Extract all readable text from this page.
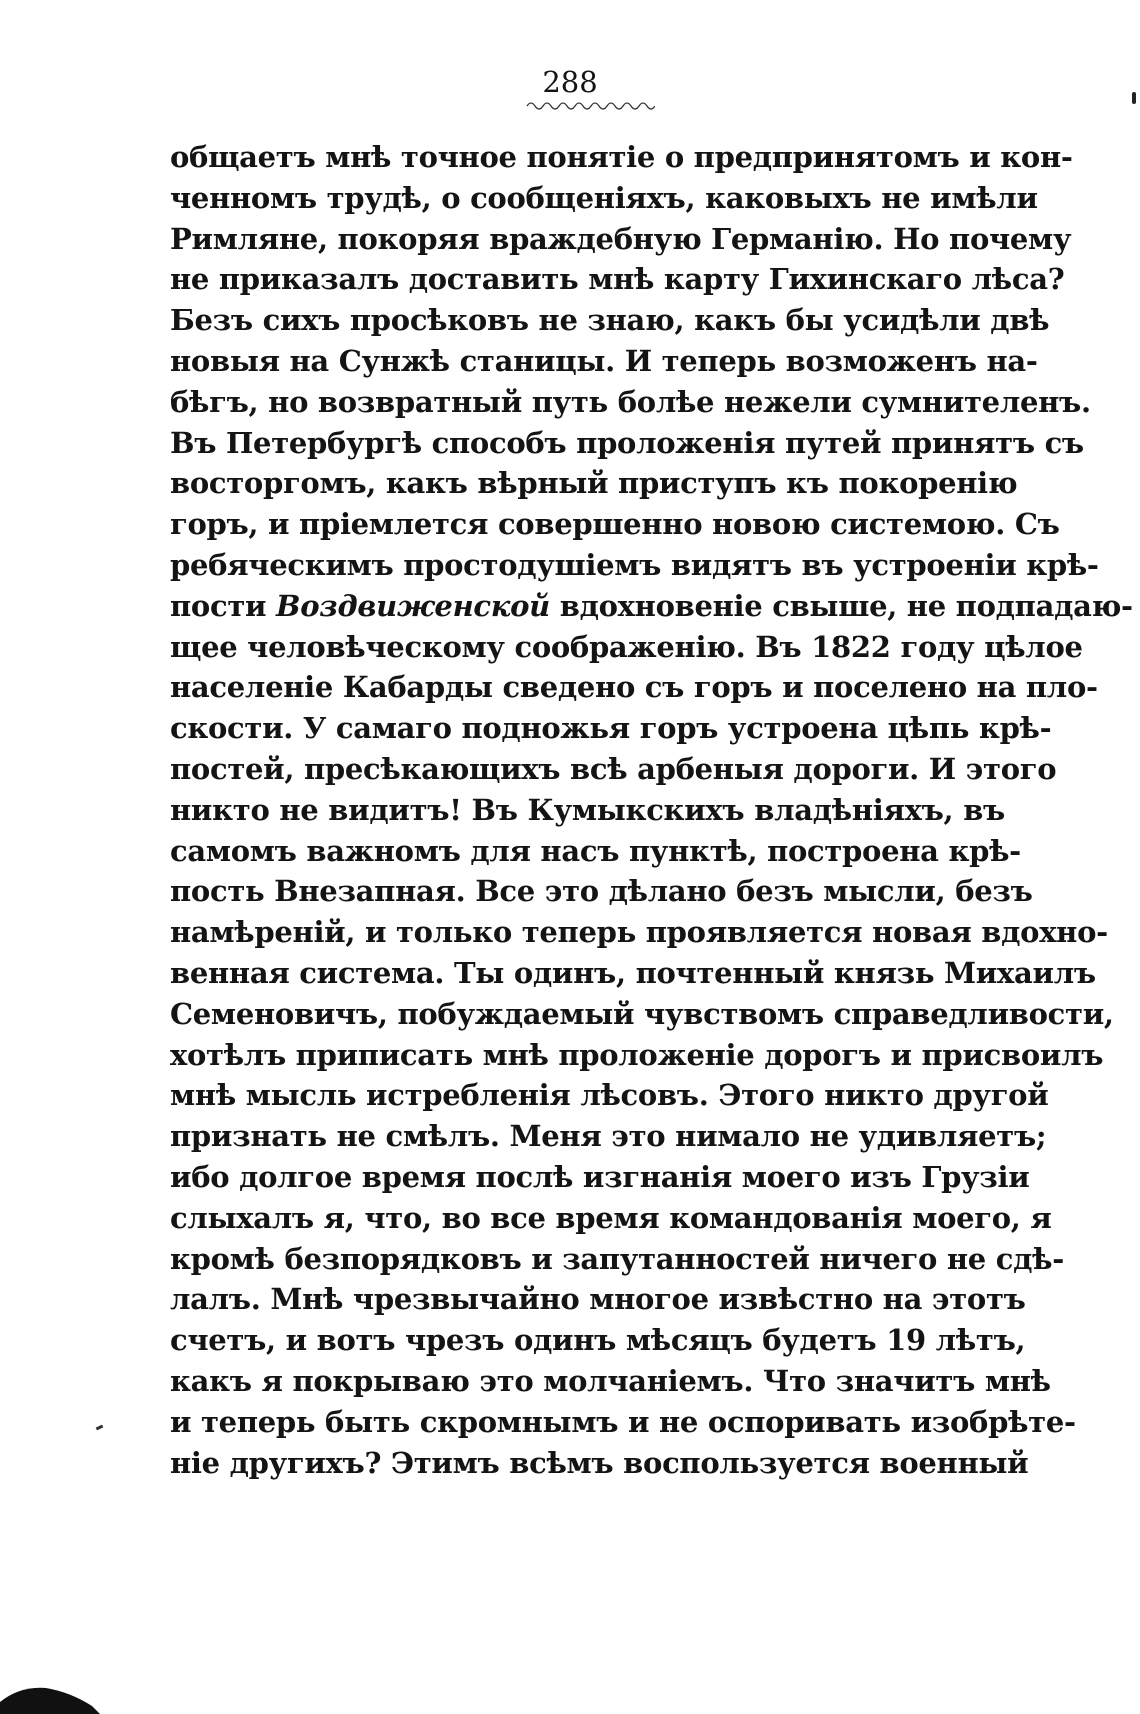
288
общаетъ мнѣ точное понятіе о предпринятомъ и кон-
ченномъ трудѣ, о сообщеніяхъ, каковыхъ не имѣли
Римляне, покоряя враждебную Германію. Но почему
не приказалъ доставить мнѣ карту Гихинскаго лѣса?
Безъ сихъ просѣковъ не знаю, какъ бы усидѣли двѣ
новыя на Сунжѣ станицы. И теперь возможенъ на-
бѣгъ, но возвратный путь болѣе нежели сумнителенъ.
Въ Петербургѣ способъ проложенія путей принятъ съ
восторгомъ, какъ вѣрный приступъ къ покоренію
горъ, и пріемлется совершенно новою системою. Съ
ребяческимъ простодушіемъ видятъ въ устроеніи крѣ-
пости Воздвиженской вдохновеніе свыше, не подпадаю-
щее человѣческому соображенію. Въ 1822 году цѣлое
населеніе Кабарды сведено съ горъ и поселено на пло-
скости. У самаго подножья горъ устроена цѣпь крѣ-
постей, пресѣкающихъ всѣ арбеныя дороги. И этого
никто не видитъ! Въ Кумыкскихъ владѣніяхъ, въ
самомъ важномъ для насъ пунктѣ, построена крѣ-
пость Внезапная. Все это дѣлано безъ мысли, безъ
намѣреній, и только теперь проявляется новая вдохно-
венная система. Ты одинъ, почтенный князь Михаилъ
Семеновичъ, побуждаемый чувствомъ справедливости,
хотѣлъ приписать мнѣ проложеніе дорогъ и присвоилъ
мнѣ мысль истребленія лѣсовъ. Этого никто другой
признать не смѣлъ. Меня это нимало не удивляетъ;
ибо долгое время послѣ изгнанія моего изъ Грузіи
слыхалъ я, что, во все время командованія моего, я
кромѣ безпорядковъ и запутанностей ничего не сдѣ-
лалъ. Мнѣ чрезвычайно многое извѣстно на этотъ
счетъ, и вотъ чрезъ одинъ мѣсяцъ будетъ 19 лѣтъ,
какъ я покрываю это молчаніемъ. Что значитъ мнѣ
и теперь быть скромнымъ и не оспоривать изобрѣте-
ніе другихъ? Этимъ всѣмъ воспользуется военный
